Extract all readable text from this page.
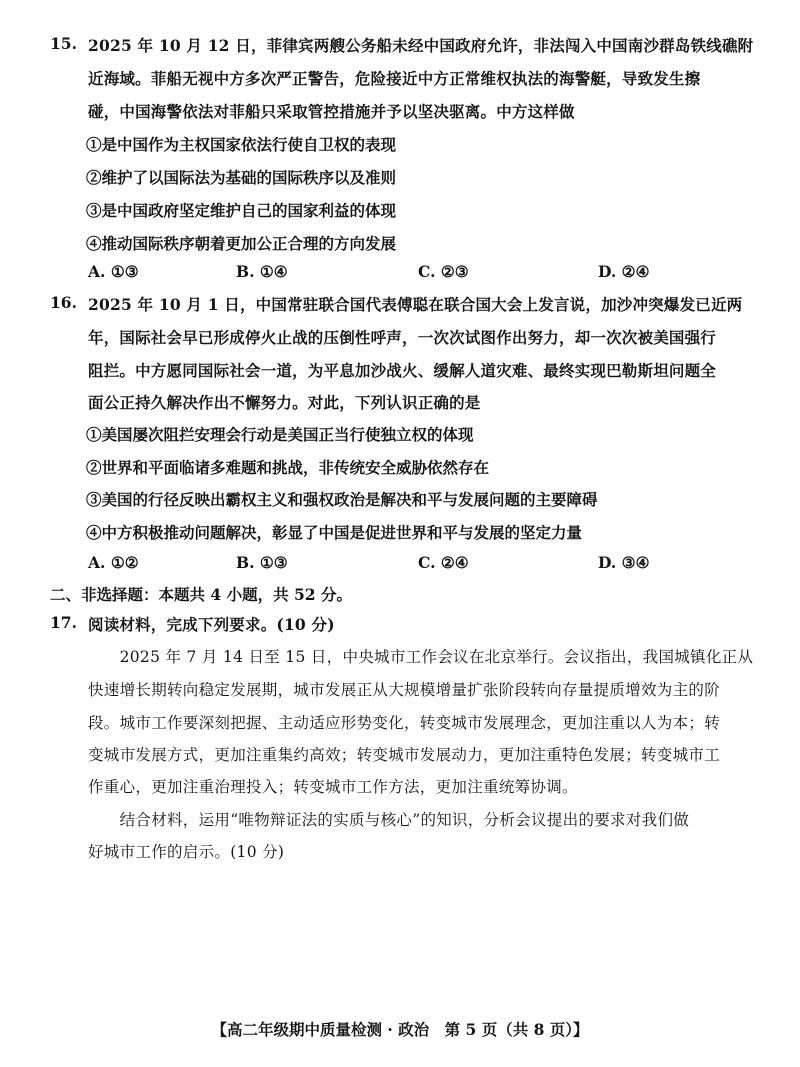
15. 2025 年 10 月 12 日，菲律宾两艘公务船未经中国政府允许，非法闯入中国南沙群岛铁线礁附
近海域。菲船无视中方多次严正警告，危险接近中方正常维权执法的海警艇，导致发生擦
碰，中国海警依法对菲船只采取管控措施并予以坚决驱离。中方这样做
①是中国作为主权国家依法行使自卫权的表现
②维护了以国际法为基础的国际秩序以及准则
③是中国政府坚定维护自己的国家利益的体现
④推动国际秩序朝着更加公正合理的方向发展
A. ①③	B. ①④	C. ②③	D. ②④
16. 2025 年 10 月 1 日，中国常驻联合国代表傅聪在联合国大会上发言说，加沙冲突爆发已近两
年，国际社会早已形成停火止战的压倒性呼声，一次次试图作出努力，却一次次被美国强行
阻拦。中方愿同国际社会一道，为平息加沙战火、缓解人道灾难、最终实现巴勒斯坦问题全
面公正持久解决作出不懈努力。对此，下列认识正确的是
①美国屡次阻拦安理会行动是美国正当行使独立权的体现
②世界和平面临诸多难题和挑战，非传统安全威胁依然存在
③美国的行径反映出霸权主义和强权政治是解决和平与发展问题的主要障碍
④中方积极推动问题解决，彰显了中国是促进世界和平与发展的坚定力量
A. ①②	B. ①③	C. ②④	D. ③④
二、非选择题：本题共 4 小题，共 52 分。
17. 阅读材料，完成下列要求。(10 分)
　　2025 年 7 月 14 日至 15 日，中央城市工作会议在北京举行。会议指出，我国城镇化正从
快速增长期转向稳定发展期，城市发展正从大规模增量扩张阶段转向存量提质增效为主的阶
段。城市工作要深刻把握、主动适应形势变化，转变城市发展理念，更加注重以人为本；转
变城市发展方式，更加注重集约高效；转变城市发展动力，更加注重特色发展；转变城市工
作重心，更加注重治理投入；转变城市工作方法，更加注重统筹协调。
　　结合材料，运用“唯物辩证法的实质与核心”的知识，分析会议提出的要求对我们做
好城市工作的启示。(10 分)
【高二年级期中质量检测 · 政治　第 5 页（共 8 页）】
